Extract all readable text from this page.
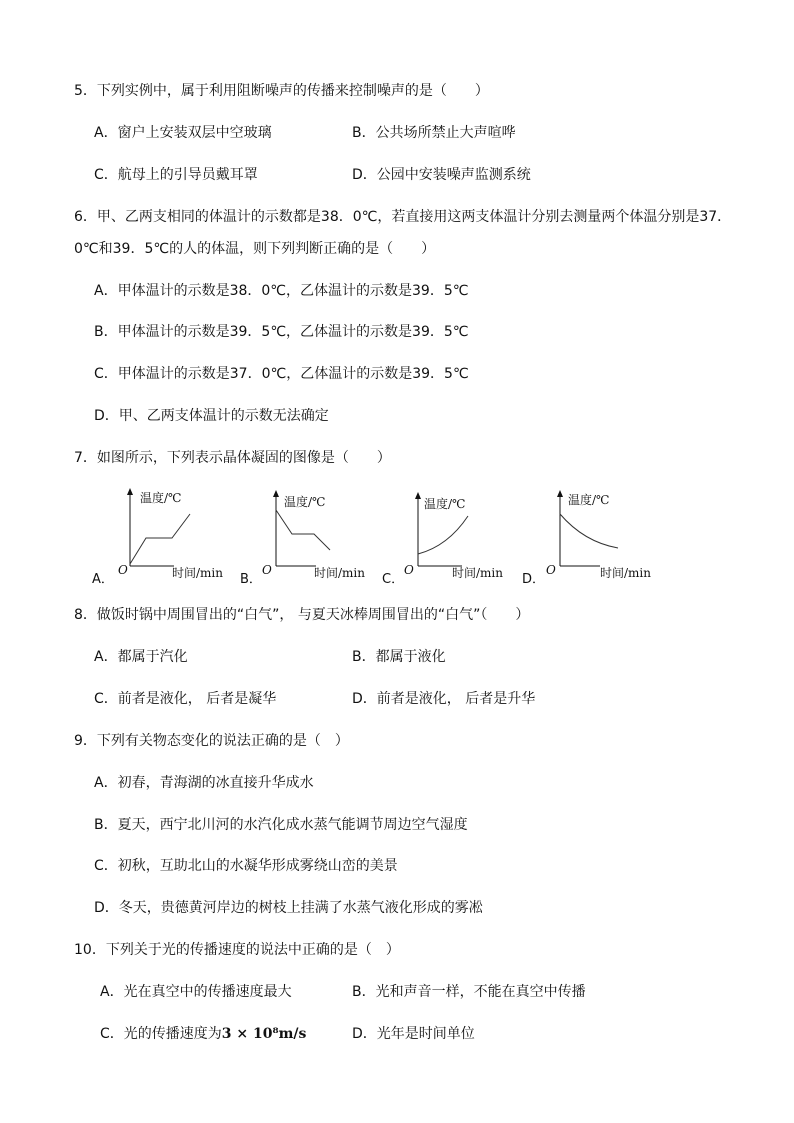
5．下列实例中，属于利用阻断噪声的传播来控制噪声的是（　　）
A．窗户上安装双层中空玻璃	B．公共场所禁止大声喧哗
C．航母上的引导员戴耳罩	D．公园中安装噪声监测系统
6．甲、乙两支相同的体温计的示数都是38．0℃，若直接用这两支体温计分别去测量两个体温分别是37．
0℃和39．5℃的人的体温，则下列判断正确的是（　　）
A．甲体温计的示数是38．0℃，乙体温计的示数是39．5℃
B．甲体温计的示数是39．5℃，乙体温计的示数是39．5℃
C．甲体温计的示数是37．0℃，乙体温计的示数是39．5℃
D．甲、乙两支体温计的示数无法确定
7．如图所示，下列表示晶体凝固的图像是（　　）
A．
温度/℃
O	时间/min B．
温度/℃
O	时间/min C．
温度/℃
O	时间/min D．
温度/℃
O	时间/min
8．做饭时锅中周围冒出的“白气”， 与夏天冰棒周围冒出的“白气”（　　）
A．都属于汽化	B．都属于液化
C．前者是液化， 后者是凝华	D．前者是液化， 后者是升华
9．下列有关物态变化的说法正确的是（　）
A．初春，青海湖的冰直接升华成水
B．夏天，西宁北川河的水汽化成水蒸气能调节周边空气湿度
C．初秋，互助北山的水凝华形成雾绕山峦的美景
D．冬天，贵德黄河岸边的树枝上挂满了水蒸气液化形成的雾凇
10．下列关于光的传播速度的说法中正确的是（　）
A．光在真空中的传播速度最大	B．光和声音一样，不能在真空中传播
C．光的传播速度为3 × 10⁸m/s	D．光年是时间单位
